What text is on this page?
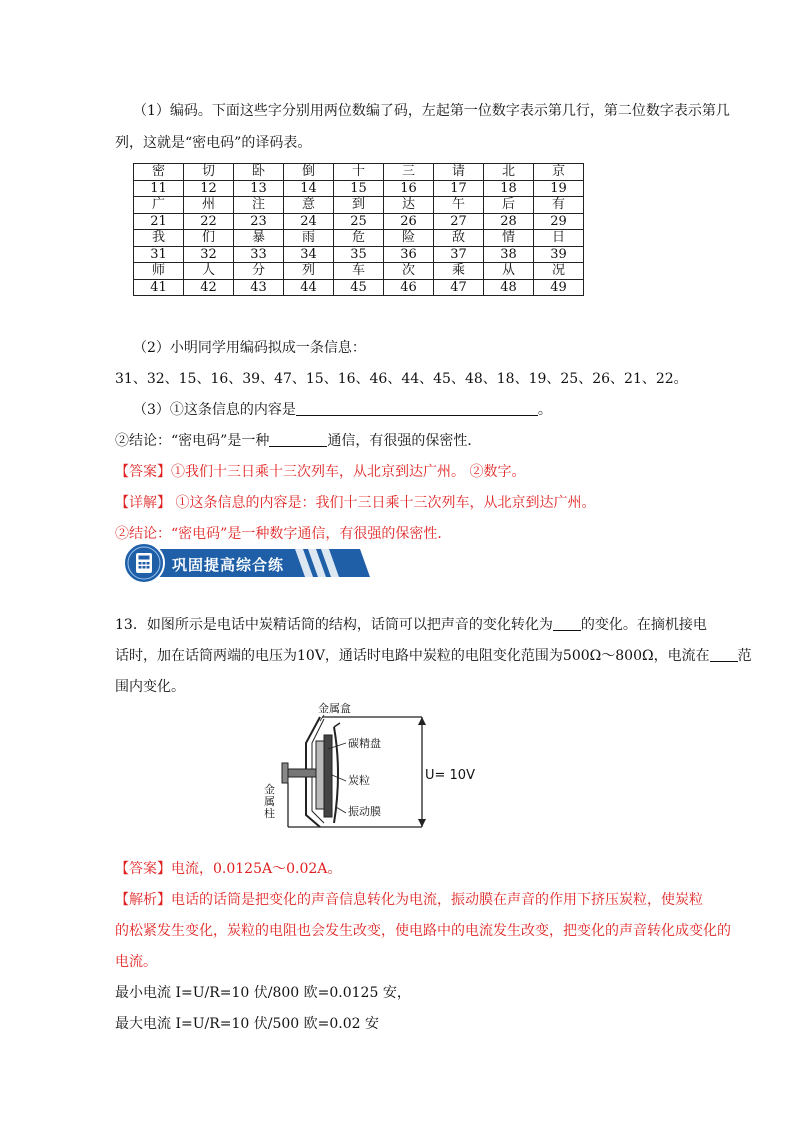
（1）编码。下面这些字分别用两位数编了码，左起第一位数字表示第几行，第二位数字表示第几
列，这就是“密电码”的译码表。
密	切	卧	倒	十	三	请	北	京
11	12	13	14	15	16	17	18	19
广	州	注	意	到	达	午	后	有
21	22	23	24	25	26	27	28	29
我	们	暴	雨	危	险	敌	情	日
31	32	33	34	35	36	37	38	39
师	人	分	列	车	次	乘	从	况
41	42	43	44	45	46	47	48	49
（2）小明同学用编码拟成一条信息：
31、32、15、16、39、47、15、16、46、44、45、48、18、19、25、26、21、22。
（3）①这条信息的内容是	。
②结论：“密电码”是一种	通信，有很强的保密性．
【答案】①我们十三日乘十三次列车，从北京到达广州。 ②数字。
【详解】 ①这条信息的内容是：我们十三日乘十三次列车，从北京到达广州。
②结论：“密电码”是一种数字通信，有很强的保密性．
巩固提高综合练
13．如图所示是电话中炭精话筒的结构，话筒可以把声音的变化转化为 的变化。在摘机接电
话时，加在话筒两端的电压为10V，通话时电路中炭粒的电阻变化范围为500Ω～800Ω，电流在 范
围内变化。
金属盒
碳精盘
炭粒
振动膜
金属柱
U= 10V
【答案】电流，0.0125A～0.02A。
【解析】电话的话筒是把变化的声音信息转化为电流，振动膜在声音的作用下挤压炭粒，使炭粒
的松紧发生变化，炭粒的电阻也会发生改变，使电路中的电流发生改变，把变化的声音转化成变化的
电流。
最小电流 I=U/R=10 伏/800 欧=0.0125 安，
最大电流 I=U/R=10 伏/500 欧=0.02 安
